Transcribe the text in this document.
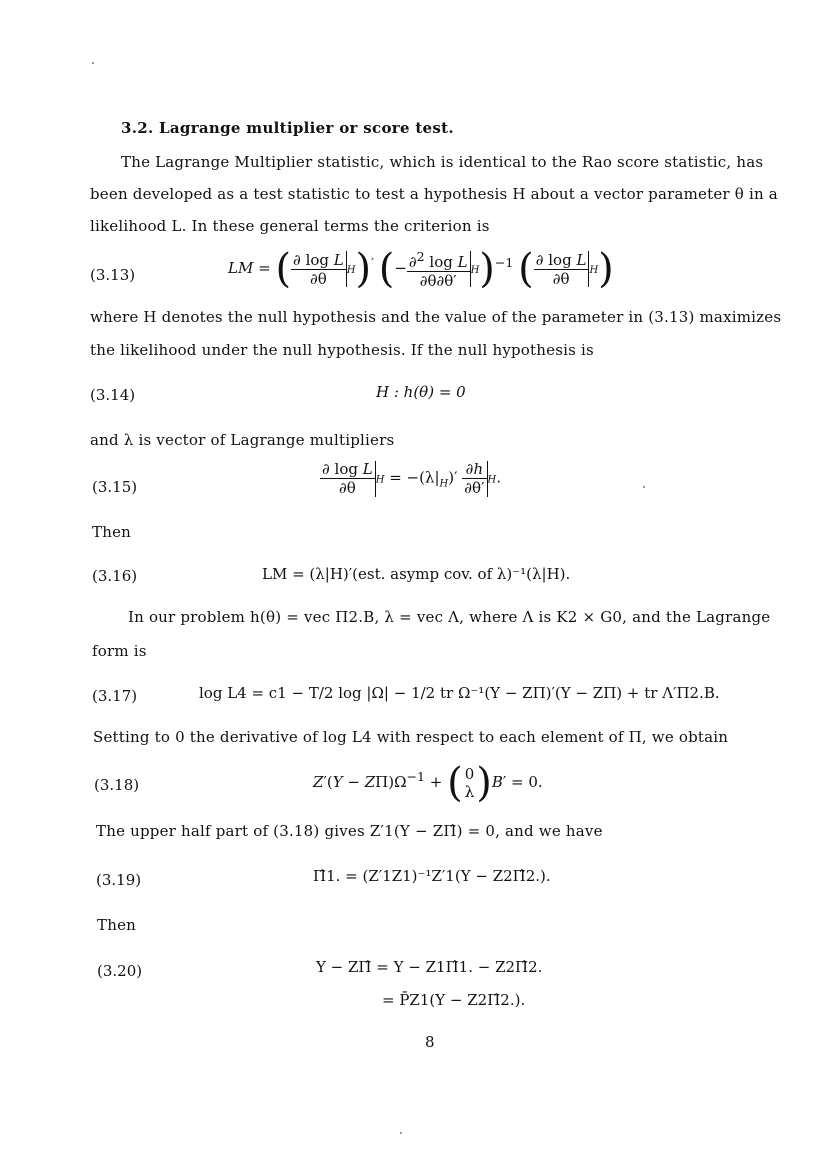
3.2. Lagrange multiplier or score test.
The Lagrange Multiplier statistic, which is identical to the Rao score statistic, has
been developed as a test statistic to test a hypothesis H about a vector parameter θ in a
likelihood L. In these general terms the criterion is
(3.13)	LM = ( $\frac{\text{∂ log L}}{\partial\theta} H)'$ (− $\frac{\partial^2 \log L}{\partial\theta\partial\theta'} H)^{-1}$ ( $\frac{\text{∂ log L}}{\partial\theta} H$)
where H denotes the null hypothesis and the value of the parameter in (3.13) maximizes
the likelihood under the null hypothesis. If the null hypothesis is
(3.14)	H : h(θ) = 0
and λ is vector of Lagrange multipliers
(3.15)	$\frac{\text{∂ log L}}{\partial\theta}$ $H = -(\lambda|_H)' \frac{\partial h}{\partial\theta'} H$.
Then
(3.16)	LM = (λ|H)′(est. asymp cov. of λ)⁻¹(λ|H).
In our problem h(θ) = vec Π2.B, λ = vec Λ, where Λ is K2 × G0, and the Lagrange
form is
(3.17)	log L4 = c1 − T/2 log |Ω| − 1/2 tr Ω⁻¹(Y − ZΠ)′(Y − ZΠ) + tr Λ′Π2.B.
Setting to 0 the derivative of log L4 with respect to each element of Π, we obtain
(3.18)	$Z'(Y - Z\Pi)\Omega^{-1}$ + ( 0
λ )B′ = 0.
The upper half part of (3.18) gives Z′1(Y − ZΠ̂) = 0, and we have
(3.19)	Π̂1. = (Z′1Z1)⁻¹Z′1(Y − Z2Π̂2.).
Then
(3.20)	Y − ZΠ̂ = Y − Z1Π̂1. − Z2Π̂2.
= P̄Z1(Y − Z2Π̂2.).
8
